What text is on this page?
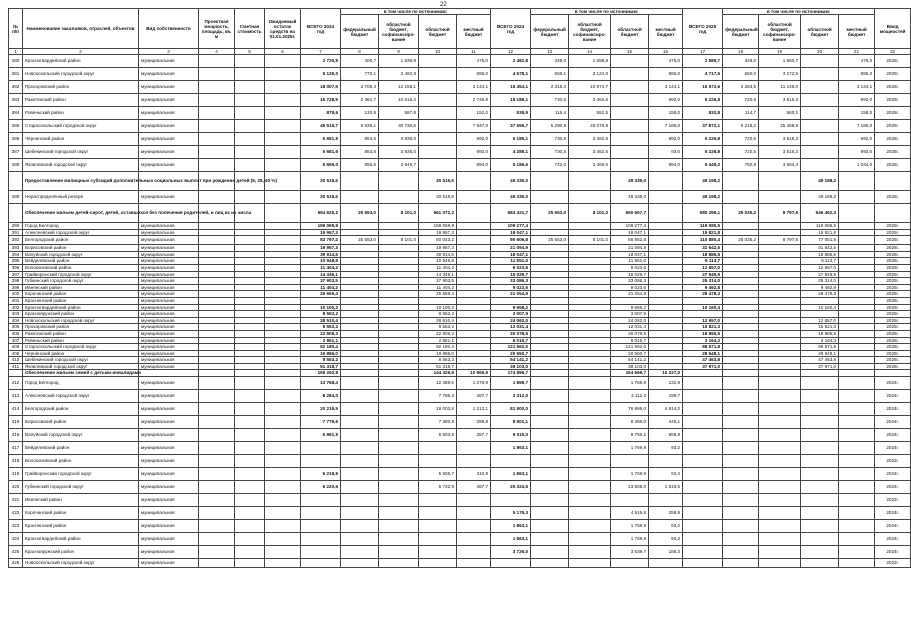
22
№ п/п	Наименование заказчиков, отраслей, объектов	Вид собственности	Проектная мощность, площадь, кв. м	Сметная стоимость	Ожидаемый остаток средств на 01.01.2025г.	ВСЕГО 2024 год	в том числе по источникам:				ВСЕГО 2024 год	в том числе по источникам:				ВСЕГО 2025 год	в том числе по источникам:				Ввод мощностей
							федеральный бюджет	областной бюджет, софинансиро-вание	областной бюджет	местный бюджет		федеральный бюджет	областной бюджет, софинансиро-вание	областной бюджет	местный бюджет		федеральный бюджет	областной бюджет, софинансиро-вание	областной бюджет	местный бюджет	
1	2	3	4	5	6	7	8	9	10	11	12	13	14	15	16	17	18	19	20	21	22
380	Красногвардейский район	муниципальная				2 720,5	408,7	1 836,8		475,0	2 482,8	349,0	1 658,8		475,0	2 589,7	349,0	1 683,7		475,0	2025г.
381	Новооскольский городской округ	муниципальная				5 126,0	770,1	3 460,9		895,0	4 678,1	659,1	3 124,0		895,0	4 717,5	650,0	3 172,5		895,0	2025г.
382	Прохоровский район	муниципальная				18 007,6	2 705,4	12 158,1		3 144,1	16 454,1	2 315,3	10 974,7		3 144,1	16 572,6	2 283,5	11 145,0		3 144,1	2025г.
383	Ракитянский район	муниципальная				15 728,9	2 362,7	10 618,3		2 745,9	15 189,1	730,5	3 462,6		992,0	5 226,8	720,5	3 516,3		992,0	2025г.
384	Ровеньский район	муниципальная				878,6	130,8	587,8		152,0	835,9	116,4	551,5		158,0	832,8	114,7	560,1		158,0	2025г.
385	Старооскольский городской округ	муниципальная				45 515,7	6 838,1	30 730,6		7 947,0	37 555,7	5 290,9	25 078,8		7 185,0	37 872,1	5 218,2	25 468,9		7 185,0	2025г.
386	Чернянский район	муниципальная				5 681,6	853,6	3 836,0		992,0	5 185,1	730,5	3 462,6		992,0	5 226,8	720,5	3 516,3		992,0	2025г.
387	Шебекинский городской округ	муниципальная				5 681,6	853,6	3 836,0		992,0	4 285,1	730,5	3 462,6		92,0	5 226,8	720,5	3 516,3		992,0	2025г.
388	Яковлевский городской округ	муниципальная				5 695,0	855,6	3 845,7		994,0	5 186,6	722,0	3 469,6		994,0	5 449,2	750,8	3 664,4		1 034,0	2025г.
	Предоставление жилищных субсидий дополнительных социальных выплат при рождении детей (5, 25, 40 %)					30 515,6			30 515,6		49 335,0			49 335,0		49 198,2			49 198,2		
389	Нераспределённый резерв	муниципальная				30 515,6			30 515,6		49 335,0			49 335,0		49 198,2			49 198,2		2025г.
	Обеспечение жильем детей-сирот, детей, оставшихся без попечения родителей, и лиц из их числа					694 826,2	25 653,0	8 101,0	661 072,2		684 421,7	25 653,0	8 101,0	650 667,7		680 299,1	25 035,2	8 797,6	646 462,3		
390	Город Белгород	муниципальная				159 069,9			159 069,9		109 277,4			109 277,4		119 085,5			119 085,5		2025г.
391	Алексеевский городской округ	муниципальная				19 957,3			19 957,3		18 047,1			18 047,1		15 821,8			15 821,8		2025г.
392	Белгородский район	муниципальная				83 797,2	25 653,0	8 101,0	50 043,2		90 606,8	25 653,0	8 101,0	56 852,8		110 880,4	25 035,2	8 797,6	77 051,8		2025г.
393	Борисовский район	муниципальная				19 957,3			19 957,3		21 094,9			21 094,9		31 642,5			31 642,5		2025г.
394	Валуйский городской округ	муниципальная				39 914,5			39 914,5		18 047,1			18 047,1		18 885,5			18 885,5		2025г.
395	Вейделевский район	муниципальная				10 948,8			10 948,8		11 551,0			11 551,0		9 113,7			9 113,7		2025г.
396	Волоконовский район	муниципальная				11 404,2			11 404,2		9 023,6			9 023,6		12 657,0			12 657,0		2025г.
397	Грайворонский городской округ	муниципальная				14 346,1			14 346,1		15 029,7			15 029,7		27 945,9			27 945,9		2025г.
398	Губкинский городской округ	муниципальная				37 903,5			37 903,5		33 086,3			33 086,3		25 314,0			25 314,0		2025г.
399	Ивнянский район	муниципальная				11 404,2			11 404,2		9 023,6			9 023,6		9 492,8			9 492,8		2025г.
400	Корочанский район	муниципальная				25 659,4			25 659,4		21 054,9			21 054,9		28 478,3			28 478,3		2025г.
401	Красненский район	муниципальная																			2025г.
402	Красногвардейский район	муниципальная				10 100,3			10 100,3		9 658,2			9 658,2		10 160,4			10 160,4		2025г.
403	Краснояружский район	муниципальная				8 553,2			8 553,2		3 007,9			3 007,9							2025г.
404	Новооскольский городской округ	муниципальная				28 510,4			28 510,4		24 062,0			24 062,0		12 657,0			12 657,0		2025г.
405	Прохоровский район	муниципальная				8 553,2			8 553,2		12 031,4			12 031,4		15 821,3			15 821,3		2025г.
406	Ракитянский район	муниципальная				22 808,3			22 808,3		30 078,5			30 078,5		18 985,5			18 985,5		2025г.
407	Ровеньский район	муниципальная				2 851,1			2 851,1		6 015,7			6 015,7		3 164,3			3 164,3		2025г.
408	Старооскольский городской округ	муниципальная				92 180,4			92 180,4		121 562,0			121 562,0		88 571,8			88 571,8		2025г.
409	Чернянский район	муниципальная				19 886,0			19 886,0		20 550,7			20 550,7		28 948,1			28 948,1		2025г.
410	Шебекинский городской округ	муниципальная				8 553,2			8 553,2		54 141,2			54 141,2		47 463,8			47 463,8		2025г.
411	Яковлевский городской округ	муниципальная				51 318,7			51 318,7		39 103,0			39 103,0		37 971,0			37 971,0		2025г.
	Обеспечение жильем семей с детьми-инвалидами					155 292,8			144 326,9	10 965,9	174 896,7			164 669,7	10 227,0						
412	Город Белгород	муниципальная				13 768,4			12 489,5	1 278,9	1 898,7			1 765,8	132,9						2024г.
413	Алексеевский городской округ	муниципальная				8 284,0			7 796,3	487,7	3 312,0			3 112,3	199,7						2024г.
414	Белгородский район	муниципальная				20 216,9			19 003,8	1 213,1	81 900,0			76 986,0	4 914,0						2024г.
415	Борисовский район	муниципальная				7 779,6			7 380,8	398,8	8 901,1			8 456,0	445,1						2024г.
416	Валуйский городской округ	муниципальная				5 961,5			5 603,6	357,7	9 315,0			8 756,1	558,9						2024г.
417	Вейделевский район	муниципальная									1 863,1			1 769,9	93,2						2024г.
418	Волоконовский район	муниципальная																			2022г.
419	Грайворонский городской округ	муниципальная				6 216,6			5 905,7	310,9	1 863,1			1 769,9	93,2						2024г.
420	Губкинский городской округ	муниципальная				6 220,6			5 732,9	487,7	25 324,5			23 805,0	1 519,5						2024г.
421	Ивнянский район	муниципальная																			2022г.
422	Корочанский район	муниципальная									5 175,3			4 916,5	258,8						2024г.
423	Красненский район	муниципальная									1 863,1			1 769,9	93,2						2024г.
424	Красногвардейский район	муниципальная									1 863,1			1 769,9	93,2						2024г.
425	Краснояружский район	муниципальная									3 726,0			3 539,7	186,3						2024г.
426	Новооскольский городской округ	муниципальная																			2022г.
